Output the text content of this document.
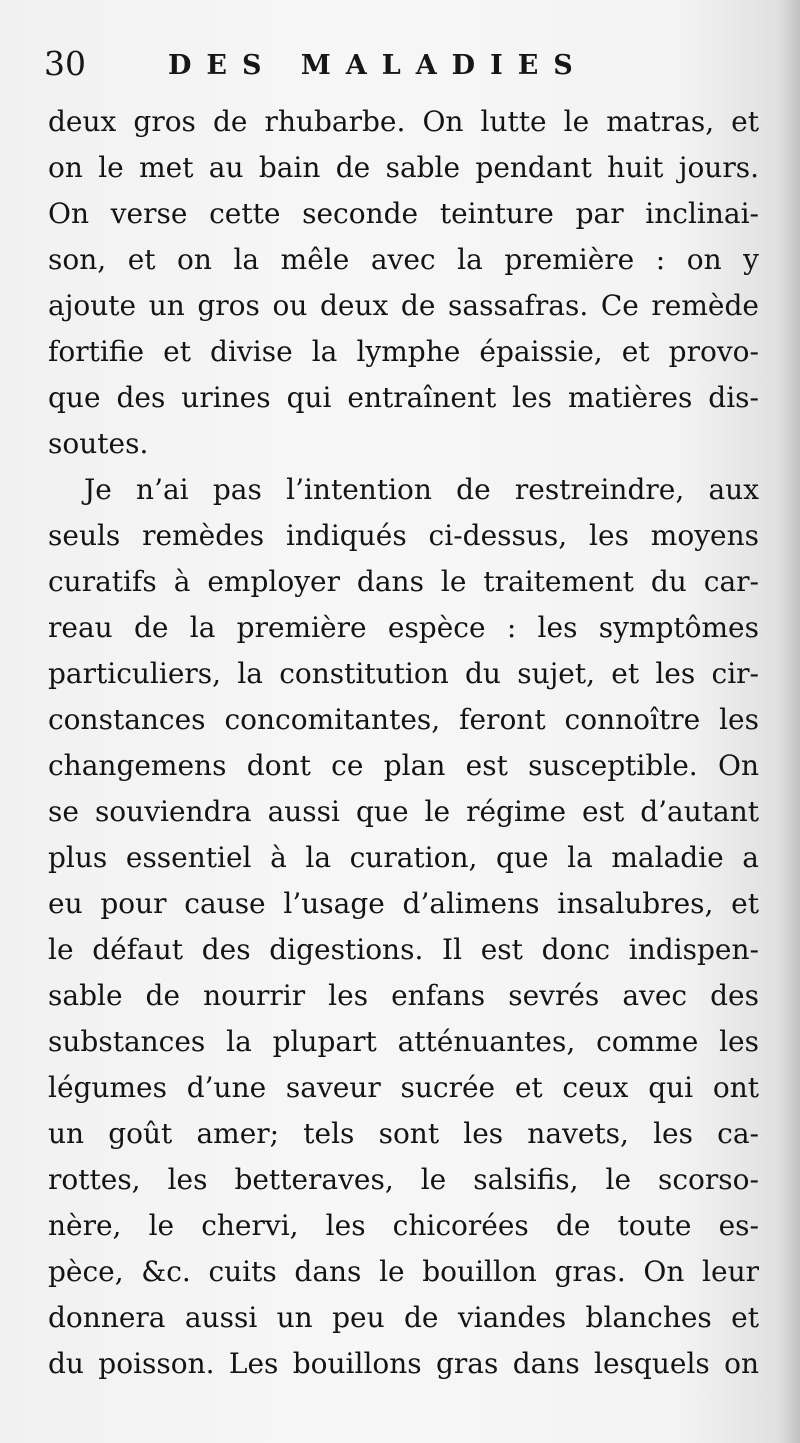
30	DES MALADIES
deux gros de rhubarbe. On lutte le matras, et
on le met au bain de sable pendant huit jours.
On verse cette seconde teinture par inclinai-
son, et on la mêle avec la première : on y
ajoute un gros ou deux de sassafras. Ce remède
fortifie et divise la lymphe épaissie, et provo-
que des urines qui entraînent les matières dis-
soutes.
Je n’ai pas l’intention de restreindre, aux
seuls remèdes indiqués ci-dessus, les moyens
curatifs à employer dans le traitement du car-
reau de la première espèce : les symptômes
particuliers, la constitution du sujet, et les cir-
constances concomitantes, feront connoître les
changemens dont ce plan est susceptible. On
se souviendra aussi que le régime est d’autant
plus essentiel à la curation, que la maladie a
eu pour cause l’usage d’alimens insalubres, et
le défaut des digestions. Il est donc indispen-
sable de nourrir les enfans sevrés avec des
substances la plupart atténuantes, comme les
légumes d’une saveur sucrée et ceux qui ont
un goût amer; tels sont les navets, les ca-
rottes, les betteraves, le salsifis, le scorso-
nère, le chervi, les chicorées de toute es-
pèce, &c. cuits dans le bouillon gras. On leur
donnera aussi un peu de viandes blanches et
du poisson. Les bouillons gras dans lesquels on
